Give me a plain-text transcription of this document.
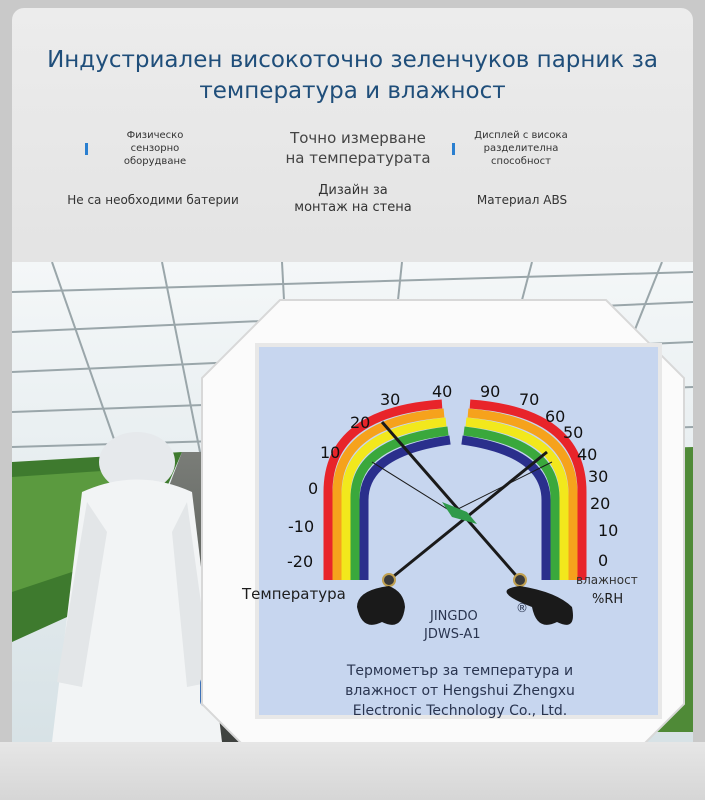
Индустриален високоточно зеленчуков парник за
температура и влажност
Физическо
сензорно
оборудване
Точно измерване
на температурата
Дисплей с висока
разделителна
способност
Не са необходими батерии
Дизайн за
монтаж на стена	Материал ABS
40
30
20
10
0
-10
-20
90 70
60
50
40
30
20
10
0
Температура
влажност
%RH
JINGDO
®
JDWS-A1
Термометър за температура и
влажност от Hengshui Zhengxu
Electronic Technology Co., Ltd.
